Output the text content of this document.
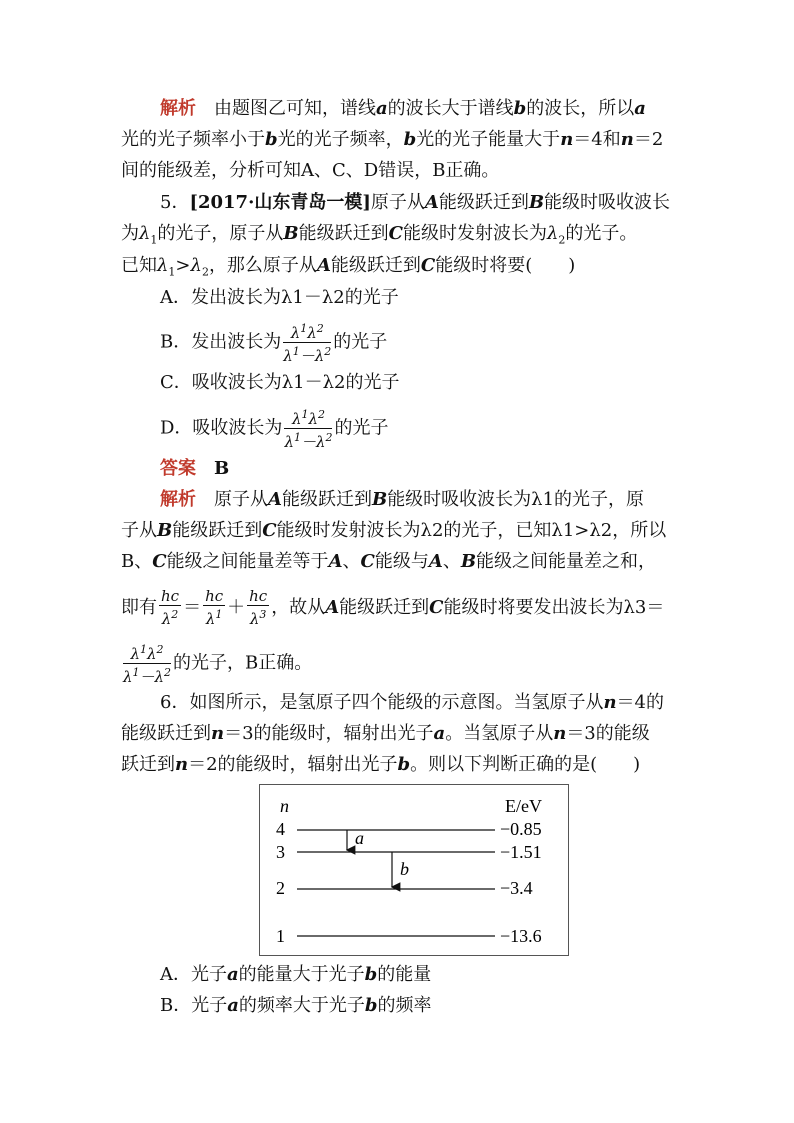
解析　 由题图乙可知，谱线a的波长大于谱线b的波长，所以a
光的光子频率小于b光的光子频率，b光的光子能量大于n＝4和n＝2
间的能级差，分析可知A、C、D错误，B正确。
5．[2017·山东青岛一模]原子从A能级跃迁到B能级时吸收波长
为$\lambda_1$的光子，原子从B能级跃迁到C能级时发射波长为$\lambda_2$的光子。
已知$\lambda_1>\lambda_2$，那么原子从A能级跃迁到C能级时将要(　　)
A．发出波长为λ1－λ2的光子
B．发出波长为 $\frac{\lambda^1\lambda^2}{\lambda^1-\lambda^2}$ 的光子
C．吸收波长为λ1－λ2的光子
D．吸收波长为 $\frac{\lambda^1\lambda^2}{\lambda^1-\lambda^2}$ 的光子
答案　 B
解析　 原子从A能级跃迁到B能级时吸收波长为λ1的光子，原
子从B能级跃迁到C能级时发射波长为λ2的光子，已知λ1>λ2，所以
B、C能级之间能量差等于A、C能级与A、B能级之间能量差之和，
即有 $\frac{hc}{\lambda^2} = \frac{hc}{\lambda^1} + \frac{hc}{\lambda^3}$ ，故从A能级跃迁到C能级时将要发出波长为λ3＝
$\frac{\lambda^1\lambda^2}{\lambda^1-\lambda^2}$ 的光子，B正确。
6．如图所示，是氢原子四个能级的示意图。当氢原子从n＝4的
能级跃迁到n＝3的能级时，辐射出光子a。当氢原子从n＝3的能级
跃迁到n＝2的能级时，辐射出光子b。则以下判断正确的是(　　)
n	E/eV
4	−0.85
3	−1.51
2	−3.4
1	−13.6
a
b
A．光子a的能量大于光子b的能量
B．光子a的频率大于光子b的频率
